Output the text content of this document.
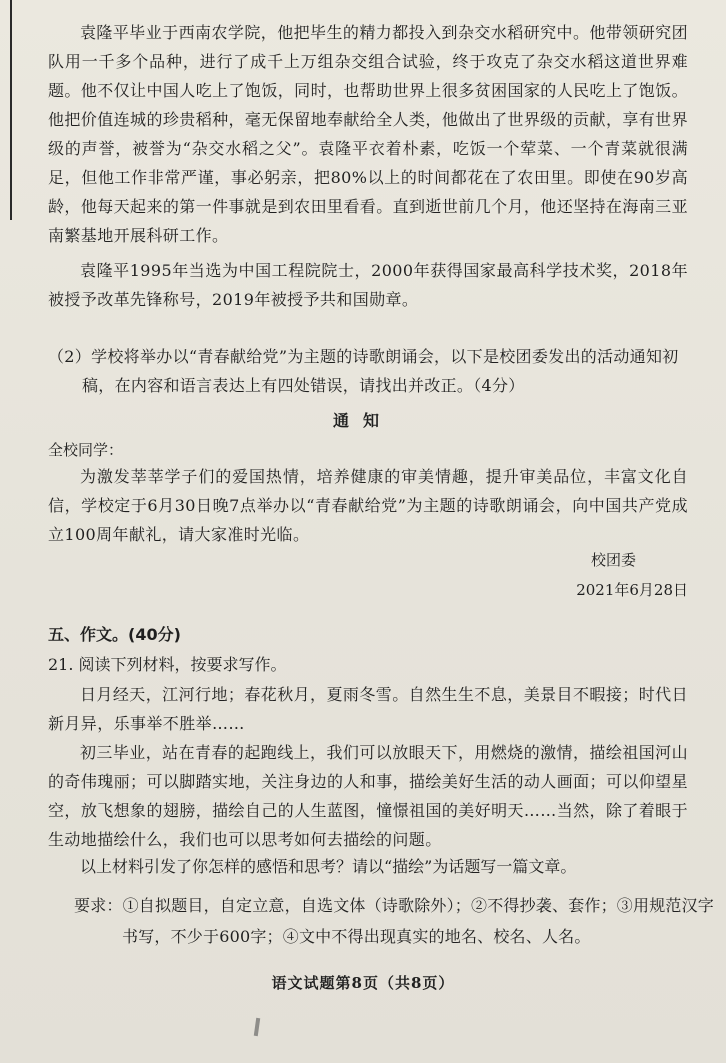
袁隆平毕业于西南农学院，他把毕生的精力都投入到杂交水稻研究中。他带领研究团队用一千多个品种，进行了成千上万组杂交组合试验，终于攻克了杂交水稻这道世界难题。他不仅让中国人吃上了饱饭，同时，也帮助世界上很多贫困国家的人民吃上了饱饭。他把价值连城的珍贵稻种，毫无保留地奉献给全人类，他做出了世界级的贡献，享有世界级的声誉，被誉为“杂交水稻之父”。袁隆平衣着朴素，吃饭一个荤菜、一个青菜就很满足，但他工作非常严谨，事必躬亲，把80%以上的时间都花在了农田里。即使在90岁高龄，他每天起来的第一件事就是到农田里看看。直到逝世前几个月，他还坚持在海南三亚南繁基地开展科研工作。

袁隆平1995年当选为中国工程院院士，2000年获得国家最高科学技术奖，2018年被授予改革先锋称号，2019年被授予共和国勋章。

（2）学校将举办以“青春献给党”为主题的诗歌朗诵会，以下是校团委发出的活动通知初稿，在内容和语言表达上有四处错误，请找出并改正。（4分）

通知
全校同学：

为激发莘莘学子们的爱国热情，培养健康的审美情趣，提升审美品位，丰富文化自信，学校定于6月30日晚7点举办以“青春献给党”为主题的诗歌朗诵会，向中国共产党成立100周年献礼，请大家准时光临。

校团委
2021年6月28日
五、作文。(40分)
21. 阅读下列材料，按要求写作。

日月经天，江河行地；春花秋月，夏雨冬雪。自然生生不息，美景目不暇接；时代日新月异，乐事举不胜举……

初三毕业，站在青春的起跑线上，我们可以放眼天下，用燃烧的激情，描绘祖国河山的奇伟瑰丽；可以脚踏实地，关注身边的人和事，描绘美好生活的动人画面；可以仰望星空，放飞想象的翅膀，描绘自己的人生蓝图，憧憬祖国的美好明天……当然，除了着眼于生动地描绘什么，我们也可以思考如何去描绘的问题。

以上材料引发了你怎样的感悟和思考？请以“描绘”为话题写一篇文章。

要求：①自拟题目，自定立意，自选文体（诗歌除外）；②不得抄袭、套作；③用规范汉字书写，不少于600字；④文中不得出现真实的地名、校名、人名。

语文试题第8页（共8页）
